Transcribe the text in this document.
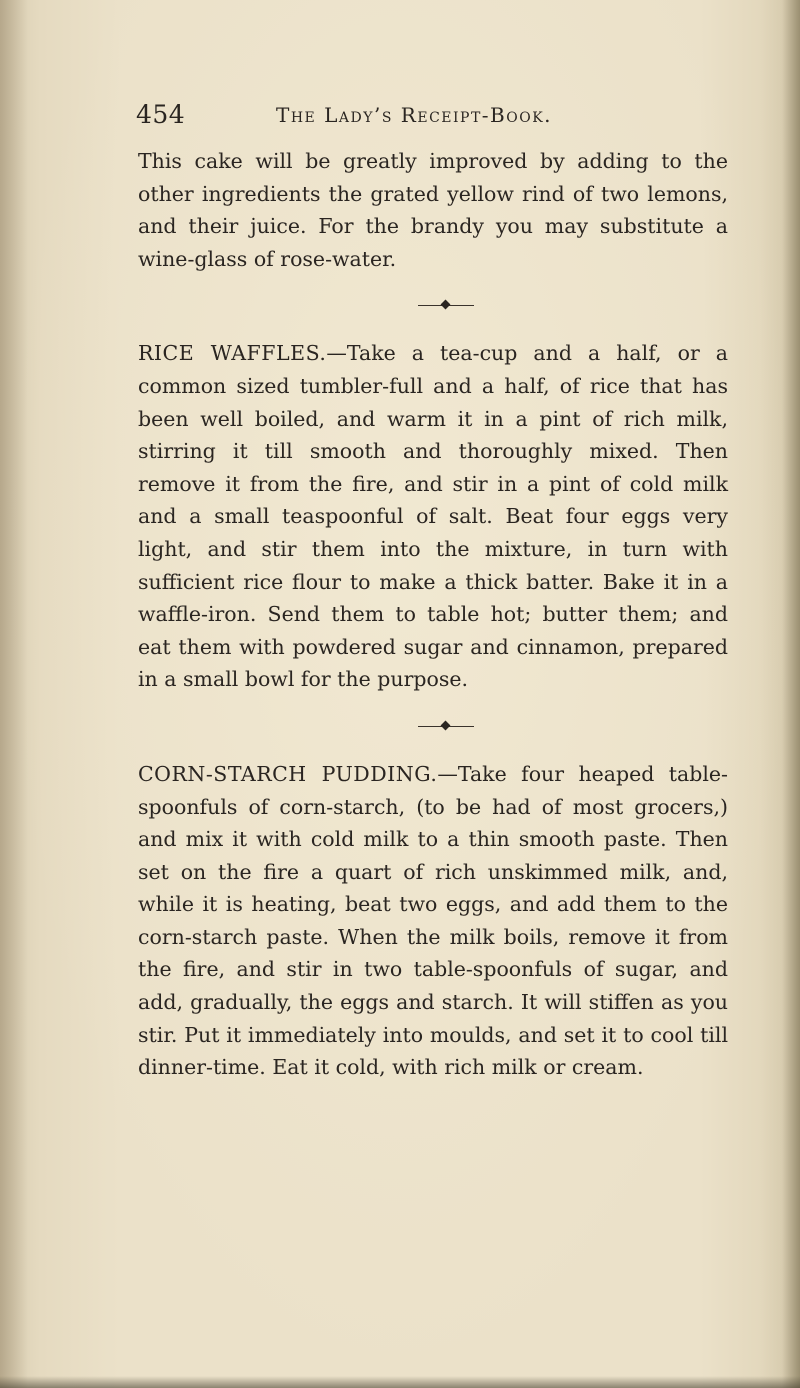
454	The Lady’s Receipt-Book.

This cake will be greatly improved by adding to the other ingredients the grated yellow rind of two lemons, and their juice. For the brandy you may substitute a wine-glass of rose-water.

RICE WAFFLES.—Take a tea-cup and a half, or a common sized tumbler-full and a half, of rice that has been well boiled, and warm it in a pint of rich milk, stirring it till smooth and thoroughly mixed. Then remove it from the fire, and stir in a pint of cold milk and a small teaspoonful of salt. Beat four eggs very light, and stir them into the mixture, in turn with sufficient rice flour to make a thick batter. Bake it in a waffle-iron. Send them to table hot; butter them; and eat them with powdered sugar and cinnamon, prepared in a small bowl for the purpose.

CORN-STARCH PUDDING.—Take four heaped table-spoonfuls of corn-starch, (to be had of most grocers,) and mix it with cold milk to a thin smooth paste. Then set on the fire a quart of rich unskimmed milk, and, while it is heating, beat two eggs, and add them to the corn-starch paste. When the milk boils, remove it from the fire, and stir in two table-spoonfuls of sugar, and add, gradually, the eggs and starch. It will stiffen as you stir. Put it immediately into moulds, and set it to cool till dinner-time. Eat it cold, with rich milk or cream.
